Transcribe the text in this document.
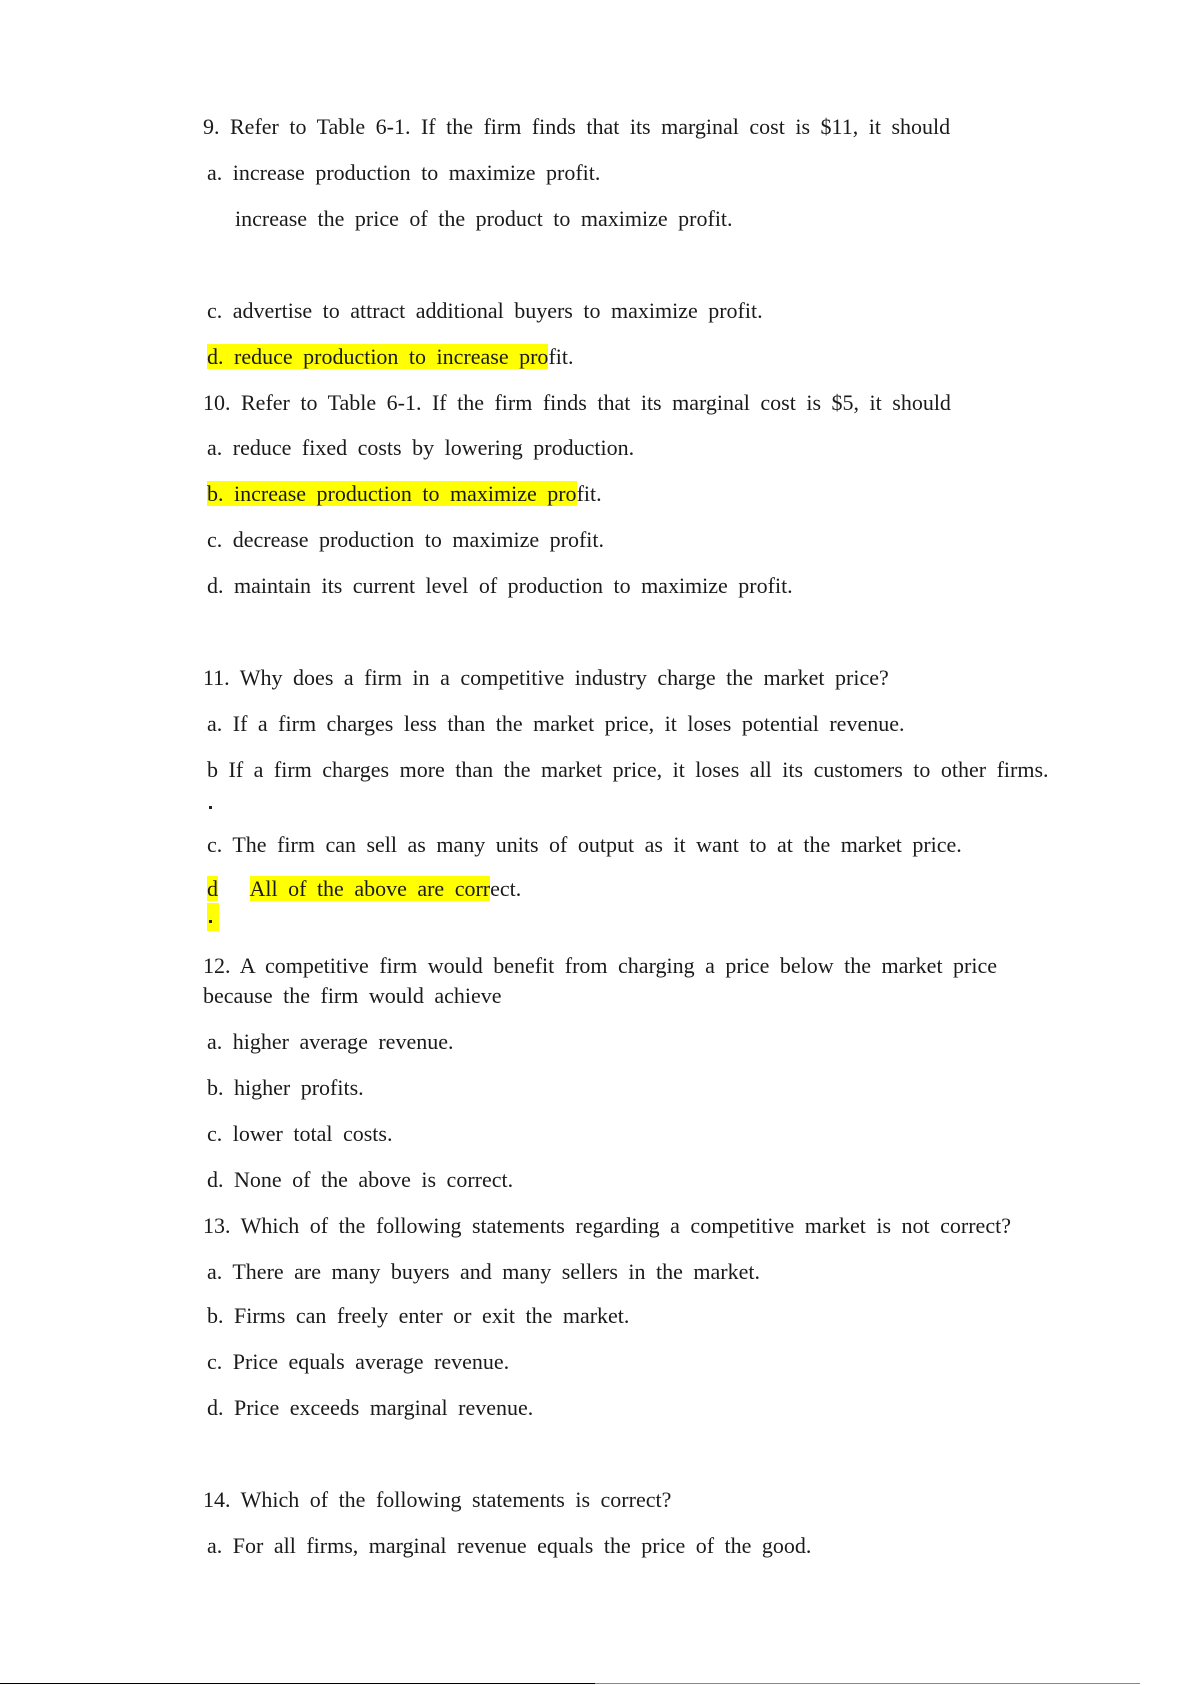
9. Refer to Table 6-1. If the firm finds that its marginal cost is $11, it should
a. increase production to maximize profit.
increase the price of the product to maximize profit.
c. advertise to attract additional buyers to maximize profit.
d. reduce production to increase profit.
10. Refer to Table 6-1. If the firm finds that its marginal cost is $5, it should
a. reduce fixed costs by lowering production.
b. increase production to maximize profit.
c. decrease production to maximize profit.
d. maintain its current level of production to maximize profit.
11. Why does a firm in a competitive industry charge the market price?
a. If a firm charges less than the market price, it loses potential revenue.
b If a firm charges more than the market price, it loses all its customers to other firms.
c. The firm can sell as many units of output as it want to at the market price.
d All of the above are correct.
12. A competitive firm would benefit from charging a price below the market price
because the firm would achieve
a. higher average revenue.
b. higher profits.
c. lower total costs.
d. None of the above is correct.
13. Which of the following statements regarding a competitive market is not correct?
a. There are many buyers and many sellers in the market.
b. Firms can freely enter or exit the market.
c. Price equals average revenue.
d. Price exceeds marginal revenue.
14. Which of the following statements is correct?
a. For all firms, marginal revenue equals the price of the good.
